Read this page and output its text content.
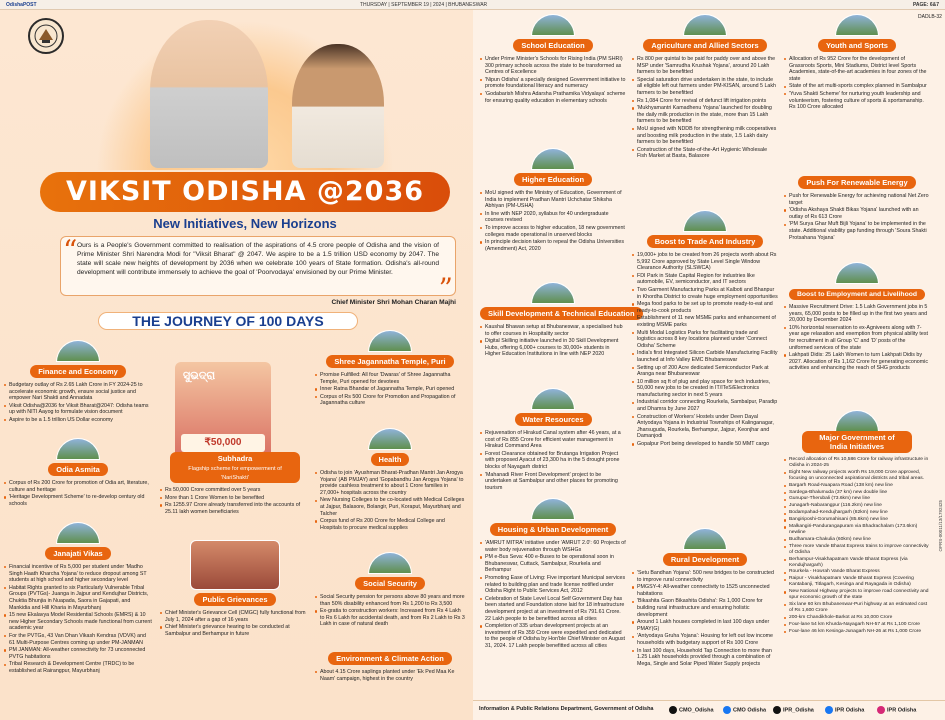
OdishaPOST	THURSDAY | SEPTEMBER 19 | 2024 | BHUBANESWAR	PAGE: 6&7
DADLB-32
VIKSIT ODISHA @2036
New Initiatives, New Horizons
“ Ours is a People's Government committed to realisation of the aspirations of 4.5 crore people of Odisha and the vision of Prime Minister Shri Narendra Modi for "Viksit Bharat" @ 2047. We aspire to be a 1.5 trillion USD economy by 2047. The state will scale new heights of development by 2036 when we celebrate 100 years of State formation. Odisha's all-round development will contribute immensely to achieve the goal of 'Poorvodaya' envisioned by our Prime Minister. ”
Chief Minister Shri Mohan Charan Majhi
THE JOURNEY OF 100 DAYS
Finance and Economy
Budgetary outlay of Rs 2.65 Lakh Crore in FY 2024-25 to accelerate economic growth, ensure social justice and empower Nari Shakti and Annadata
Viksit Odisha@2036 for Viksit Bharat@2047: Odisha teams up with NITI Aayog to formulate vision document
Aspire to be a 1.5 trillion US Dollar economy
Odia Asmita
Corpus of Rs 200 Crore for promotion of Odia art, literature, culture and heritage
'Heritage Development Scheme' to re-develop century old schools
Janajati Vikas
Financial incentive of Rs 5,000 per student under 'Madho Singh Haath Kharcha Yojana' to reduce dropout among ST students at high school and higher secondary level
Habitat Rights granted to six Particularly Vulnerable Tribal Groups (PVTGs)- Juanga in Jajpur and Kendujhar Districts, Chuktia Bhunjia in Nuapada, Saora in Gajapati, and Mankidia and Hill Kharia in Mayurbhanj
15 new Ekalavya Model Residential Schools (EMRS) & 10 new Higher Secondary Schools made functional from current academic year
For the PVTGs, 43 Van Dhan Vikash Kendras (VDVK) and 61 Multi-Purpose Centres coming up under PM-JANMAN
PM JANMAN: All-weather connectivity for 73 unconnected PVTG habitations
Tribal Research & Development Centre (TRDC) to be established at Rairangpur, Mayurbhanj
ସୁଭଦ୍ରା
₹50,000
Subhadra
Flagship scheme for empowerment of 'NariShakti'
Rs 50,000 Crore committed over 5 years
More than 1 Crore Women to be benefited
Rs 1255.97 Crore already transferred into the accounts of 25.11 lakh women beneficiaries
Public Grievances
Chief Minister's Grievance Cell (CMGC) fully functional from July 1, 2024 after a gap of 16 years
Chief Minister's grievance hearing to be conducted at Sambalpur and Berhampur in future
Shree Jagannatha Temple, Puri
Promise Fulfilled: All four 'Dwaras' of Shree Jagannatha Temple, Puri opened for devotees
Inner Ratna Bhandar of Jagannatha Temple, Puri opened
Corpus of Rs 500 Crore for Promotion and Propagation of Jagannatha culture
Health
Odisha to join 'Ayushman Bharat-Pradhan Mantri Jan Arogya Yojana' (AB PMJAY) and 'Gopabandhu Jan Arogya Yojana' to provide cashless treatment to about 1 Crore families in 27,000+ hospitals across the country
New Nursing Colleges to be co-located with Medical Colleges at Jajpur, Balasore, Bolangir, Puri, Koraput, Mayurbhanj and Talcher
Corpus fund of Rs 200 Crore for Medical College and Hospitals to procure medical supplies
Social Security
Social Security pension for persons above 80 years and more than 50% disability enhanced from Rs 1,200 to Rs 3,500
Ex-gratia to construction workers: Increased from Rs 4 Lakh to Rs 6 Lakh for accidental death, and from Rs 2 Lakh to Rs 3 Lakh in case of natural death
Environment & Climate Action
About 4.15 Crore saplings planted under 'Ek Ped Maa Ke Naam' campaign, highest in the country
School Education
Under Prime Minister's Schools for Rising India (PM SHRI) 300 primary schools across the state to be transformed as Centres of Excellence
'Nipun Odisha' a specially designed Government initiative to promote foundational literacy and numeracy
'Godabarish Mishra Adarsha Prathamika Vidyalaya' scheme for ensuring quality education in elementary schools
Higher Education
MoU signed with the Ministry of Education, Government of India to implement Pradhan Mantri Uchchatar Shiksha Abhiyan (PM-USHA)
In line with NEP 2020, syllabus for 40 undergraduate courses revised
To improve access to higher education, 18 new government colleges made operational in unserved blocks
In principle decision taken to repeal the Odisha Universities (Amendment) Act, 2020
Skill Development & Technical Education
Kaushal Bhawan setup at Bhubaneswar, a specialised hub to offer courses in Hospitality sector
Digital Skilling initiative launched in 30 Skill Development Hubs, offering 6,000+ courses to 30,000+ students in Higher Education Institutions in line with NEP 2020
Water Resources
Rejuvenation of Hirakud Canal system after 46 years, at a cost of Rs 855 Crore for efficient water management in Hirakud Command Area
Forest Clearance obtained for Brutanga Irrigation Project with proposed Ayacut of 23,300 ha in the 5 drought prone blocks of Nayagarh district
'Mahanadi River Front Development' project to be undertaken at Sambalpur and other places for promoting tourism
Housing & Urban Development
'AMRUT MITRA' initiative under 'AMRUT 2.0': 60 Projects of water body rejuvenation through WSHGs
PM e-Bus Seva: 400 e-Buses to be operational soon in Bhubaneswar, Cuttack, Sambalpur, Rourkela and Berhampur
Promoting Ease of Living: Five important Municipal services related to building plan and trade license notified under Odisha Right to Public Services Act, 2012
Celebration of State Level Local Self Government Day has been started and Foundation stone laid for 18 infrastructure development project at an investment of Rs 791.61 Crore. 22 Lakh people to be benefitted across all cities
Completion of 335 urban development projects at an investment of Rs 359 Crore were expedited and dedicated to the people of Odisha by Hon'ble Chief Minister on August 31, 2024. 17 Lakh people benefitted across all cities
Agriculture and Allied Sectors
Rs 800 per quintal to be paid for paddy over and above the MSP under 'Samrudha Krushak Yojana', around 20 Lakh farmers to be benefitted
Special saturation drive undertaken in the state, to include all eligible left out farmers under PM-KISAN, around 5 Lakh farmers to be benefitted
Rs 1,084 Crore for revival of defunct lift irrigation points
'Mukhyamantri Kamadhenu Yojana' launched for doubling the daily milk production in the state, more than 15 Lakh farmers to be benefited
MoU signed with NDDB for strengthening milk cooperatives and boosting milk production in the state, 1.5 Lakh dairy farmers to be benefitted
Construction of the State-of-the-Art Hygienic Wholesale Fish Market at Basta, Balasore
Boost to Trade And Industry
19,000+ jobs to be created from 26 projects worth about Rs 5,992 Crore approved by State Level Single Window Clearance Authority (SLSWCA)
FDI Park in State Capital Region for industries like automobile, EV, semiconductor, and IT sectors
Two Garment Manufacturing Parks at Kalboti and Bhanpur in Khordha District to create huge employment opportunities
Mega food parks to be set up to promote ready-to-eat and ready-to-cook products
Establishment of 11 new MSME parks and enhancement of existing MSME parks
Multi Modal Logistics Parks for facilitating trade and logistics across 8 key locations planned under 'Connect Odisha' Scheme
India's first Integrated Silicon Carbide Manufacturing Facility launched at Info Valley EMC Bhubaneswar
Setting up of 200 Acre dedicated Semiconductor Park at Aranga near Bhubaneswar
10 million sq ft of plug and play space for tech industries, 50,000 new jobs to be created in IT/ITeS/Electronics manufacturing sector in next 5 years
Industrial corridor connecting Rourkela, Sambalpur, Paradip and Dhamra by June 2027
Construction of Workers' Hostels under Deen Dayal Antyodaya Yojana in Industrial Townships of Kalinganagar, Jharsuguda, Rourkela, Berhampur, Jajpur, Keonjhar and Damanjodi
Gopalpur Port being developed to handle 50 MMT cargo
Rural Development
'Setu Bandhan Yojana': 500 new bridges to be constructed to improve rural connectivity
PMGSY-4: All-weather connectivity to 1525 unconnected habitations
'Bikashita Gaon Bikashita Odisha': Rs 1,000 Crore for building rural infrastructure and ensuring holistic development
Around 1 Lakh houses completed in last 100 days under PMAY(G)
'Antyodaya Gruha Yojana': Housing for left out low income households with budgetary support of Rs 100 Crore
In last 100 days, Household Tap Connection to more than 1.25 Lakh households provided through a combination of Mega, Single and Solar Piped Water Supply projects
Youth and Sports
Allocation of Rs 952 Crore for the development of Grassroots Sports, Mini Stadiums, District level Sports Academies, state-of-the-art academies in four zones of the state
State of the art multi-sports complex planned in Sambalpur
'Yuva Shakti Scheme' for nurturing youth leadership and volunteerism, fostering culture of sports & sportsmanship. Rs 100 Crore allocated
Push For Renewable Energy
Push for Renewable Energy for achieving national Net Zero target
'Odisha Akshaya Shakti Bikas Yojana' launched with an outlay of Rs 613 Crore
'PM Surya Ghar Muft Bijli Yojana' to be implemented in the state. Additional viability gap funding through 'Soura Shakti Protsahana Yojana'
Boost to Employment and Livelihood
Massive Recruitment Drive: 1.5 Lakh Government jobs in 5 years, 65,000 posts to be filled up in the first two years and 20,000 by December 2024
10% horizontal reservation to ex-Agniveers along with 7-year age relaxation and exemption from physical ability test for recruitment in all Group 'C' and 'D' posts of the uniformed services of the state
Lakhpati Didis: 25 Lakh Women to turn Lakhpati Didis by 2027. Allocation of Rs 1,162 Crore for generating economic activities and enhancing the reach of SHG products
Major Government of India Initiatives
Record allocation of Rs 10,586 Crore for railway infrastructure in Odisha in 2024-25
Eight New railway projects worth Rs 19,000 Crore approved, focusing on unconnected aspirational districts and tribal areas.
Bargarh Road-Nuapara Road (138 km) new line
Sardega-Bhalumuda (37 km) new double line
Gunupur-Therubali (73.6km) new line
Junagarh-Nabarangpur (116.2km) new line
Bodampahad-Kendujhargarh (82km) new line
Bangiriposhi-Gorumahisani (85.6km) new line
Malkangiri-Pandurangapuram via Bhadrachalam (173.6km) newline
Budhamara-Chakulia (60km) new line
Three more Vande Bharat Express trains to improve connectivity of Odisha
Berhampur-Visakhapatnam Vande Bharat Express (via Kendujhargarh)
Rourkela - Howrah Vande Bharat Express
Raipur - Visakhapatnam Vande Bharat Express (Covering Kantabanji, Titlagarh, Kesinga and Rayagada in Odisha)
New National Highway projects to improve road connectivity and spur economic growth of the state
Six lane 60 km Bhubaneswar-Puri highway at an estimated cost of Rs 1,600 Crore
200-km Chandikhole-Barkot at Rs 10,000 Crore
Four-lane 54 km Khurda-Nayagarh NH-57 at Rs 1,100 Crore
Four-lane 46 km Kesinga-Junagarh NH-26 at Rs 1,000 Crore
OPRS-00011/13/1792425
Information & Public Relations Department, Government of Odisha	CMO_Odisha	CMO Odisha	IPR_Odisha	IPR Odisha	IPR Odisha
